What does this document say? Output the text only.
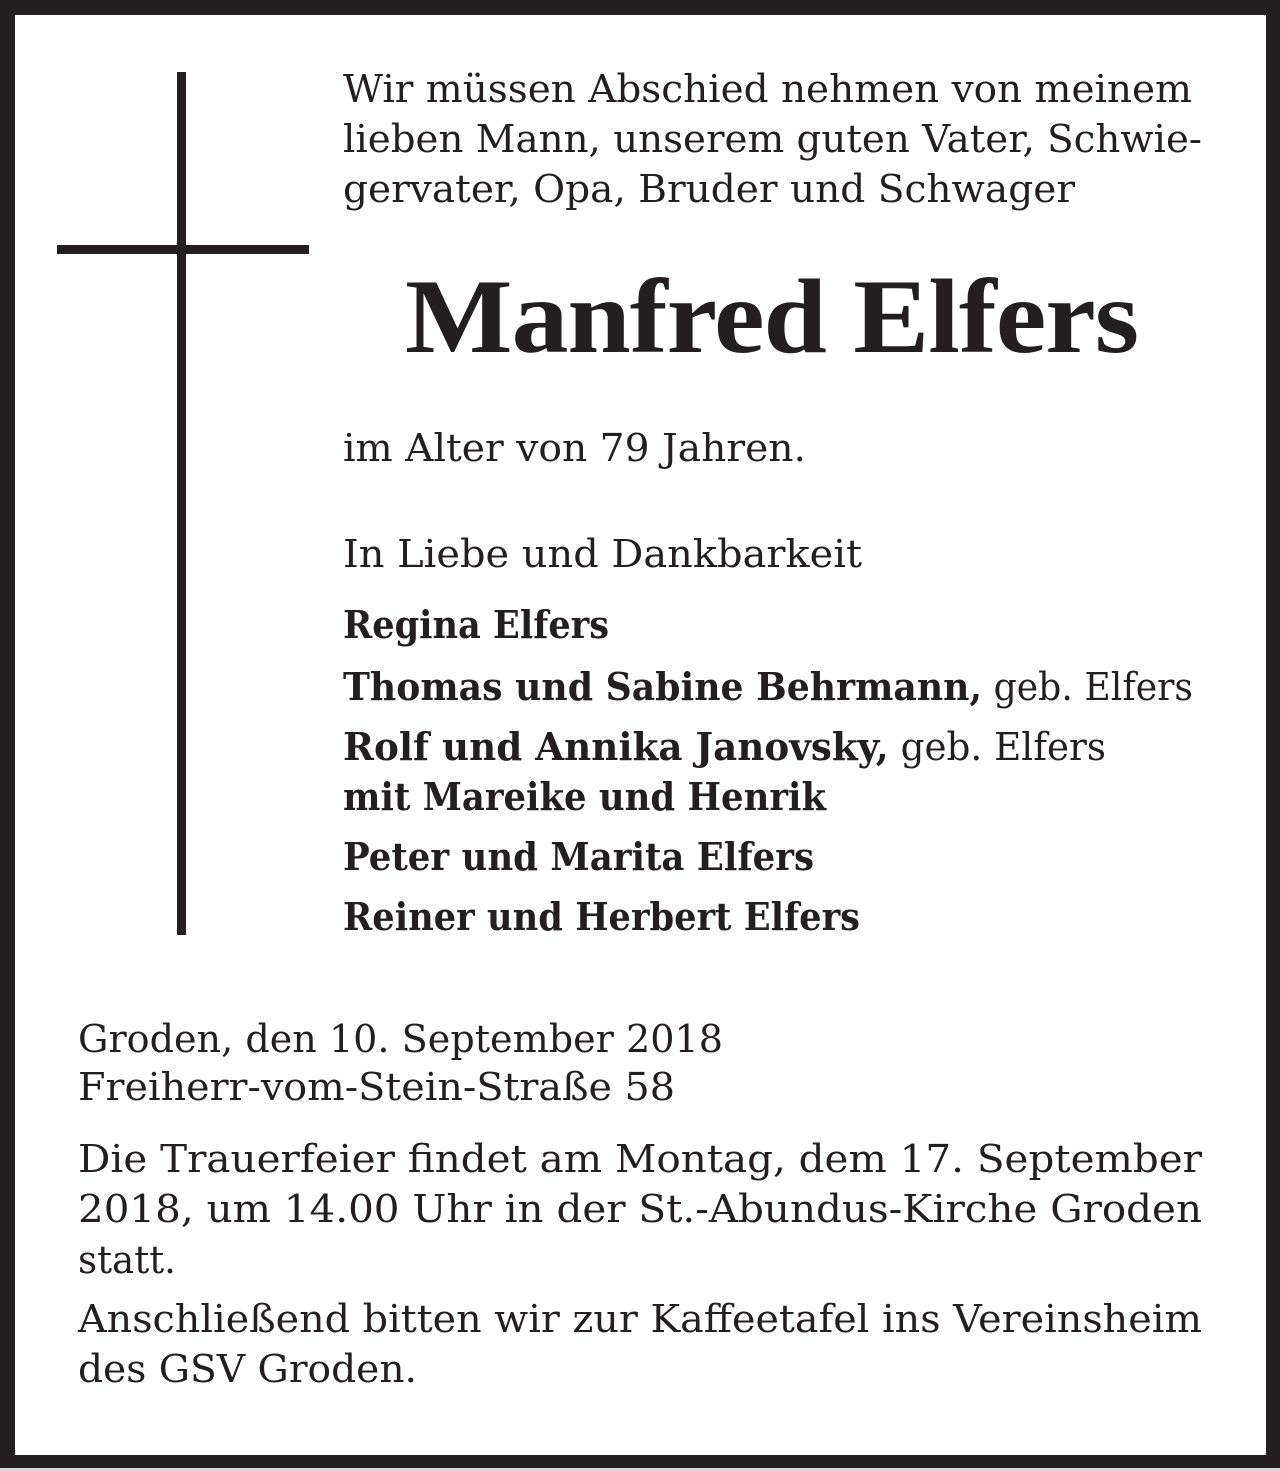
Wir müssen Abschied nehmen von meinem
lieben Mann, unserem guten Vater, Schwie-
gervater, Opa, Bruder und Schwager
Manfred Elfers
im Alter von 79 Jahren.
In Liebe und Dankbarkeit
Regina Elfers
Thomas und Sabine Behrmann, geb. Elfers
Rolf und Annika Janovsky, geb. Elfers
mit Mareike und Henrik
Peter und Marita Elfers
Reiner und Herbert Elfers
Groden, den 10. September 2018
Freiherr-vom-Stein-Straße 58
Die Trauerfeier findet am Montag, dem 17. September
2018, um 14.00 Uhr in der St.-Abundus-Kirche Groden
statt.
Anschließend bitten wir zur Kaffeetafel ins Vereinsheim
des GSV Groden.
